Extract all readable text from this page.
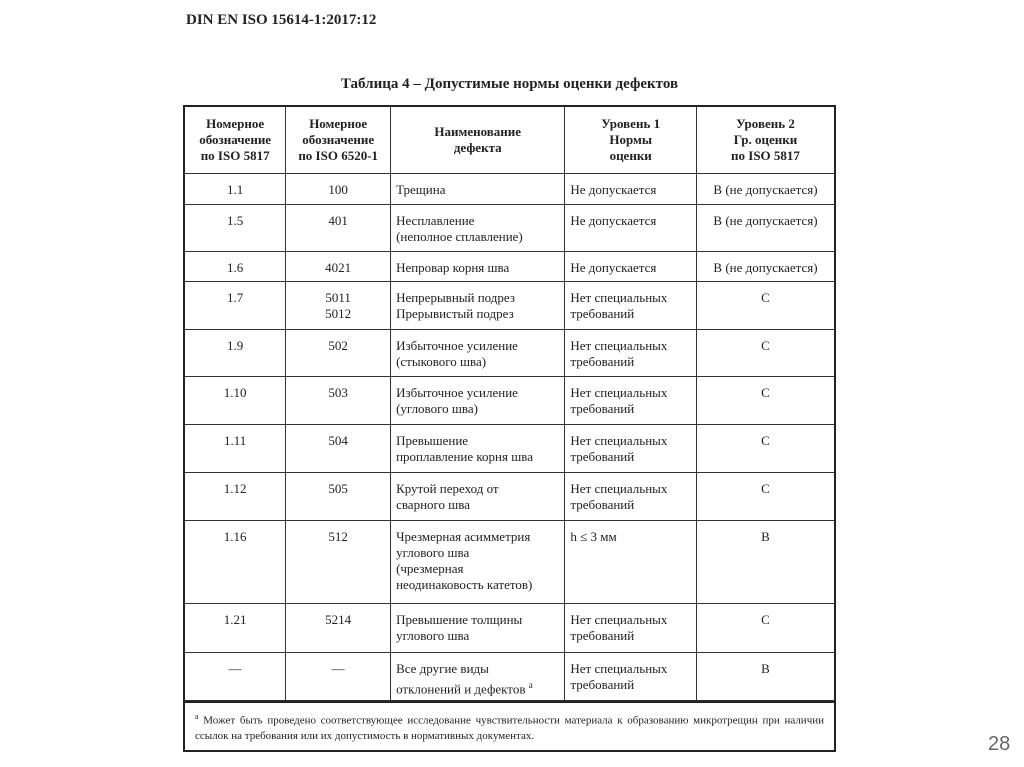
DIN EN ISO 15614-1:2017:12
Таблица 4 – Допустимые нормы оценки дефектов
Номерное
обозначение
по ISO 5817	Номерное
обозначение
по ISO 6520-1	Наименование
дефекта	Уровень 1
Нормы
оценки	Уровень 2
Гр. оценки
по ISO 5817
1.1	100	Трещина	Не допускается	B (не допускается)
1.5	401	Несплавление
(неполное сплавление)	Не допускается	B (не допускается)
1.6	4021	Непровар корня шва	Не допускается	B (не допускается)
1.7	5011
5012	Непрерывный подрез
Прерывистый подрез	Нет специальных
требований	C
1.9	502	Избыточное усиление
(стыкового шва)	Нет специальных
требований	C
1.10	503	Избыточное усиление
(углового шва)	Нет специальных
требований	C
1.11	504	Превышение
проплавление корня шва	Нет специальных
требований	C
1.12	505	Крутой переход от
сварного шва	Нет специальных
требований	C
1.16	512	Чрезмерная асимметрия
углового шва
(чрезмерная
неодинаковость катетов)	h ≤ 3 мм	B
1.21	5214	Превышение толщины
углового шва	Нет специальных
требований	C
—	—	Все другие виды
отклонений и дефектов $^a$	Нет специальных
требований	B
$^a$ Может быть проведено соответствующее исследование чувствительности материала к образованию микротрещин при наличии ссылок на требования или их допустимость в нормативных документах.	28
